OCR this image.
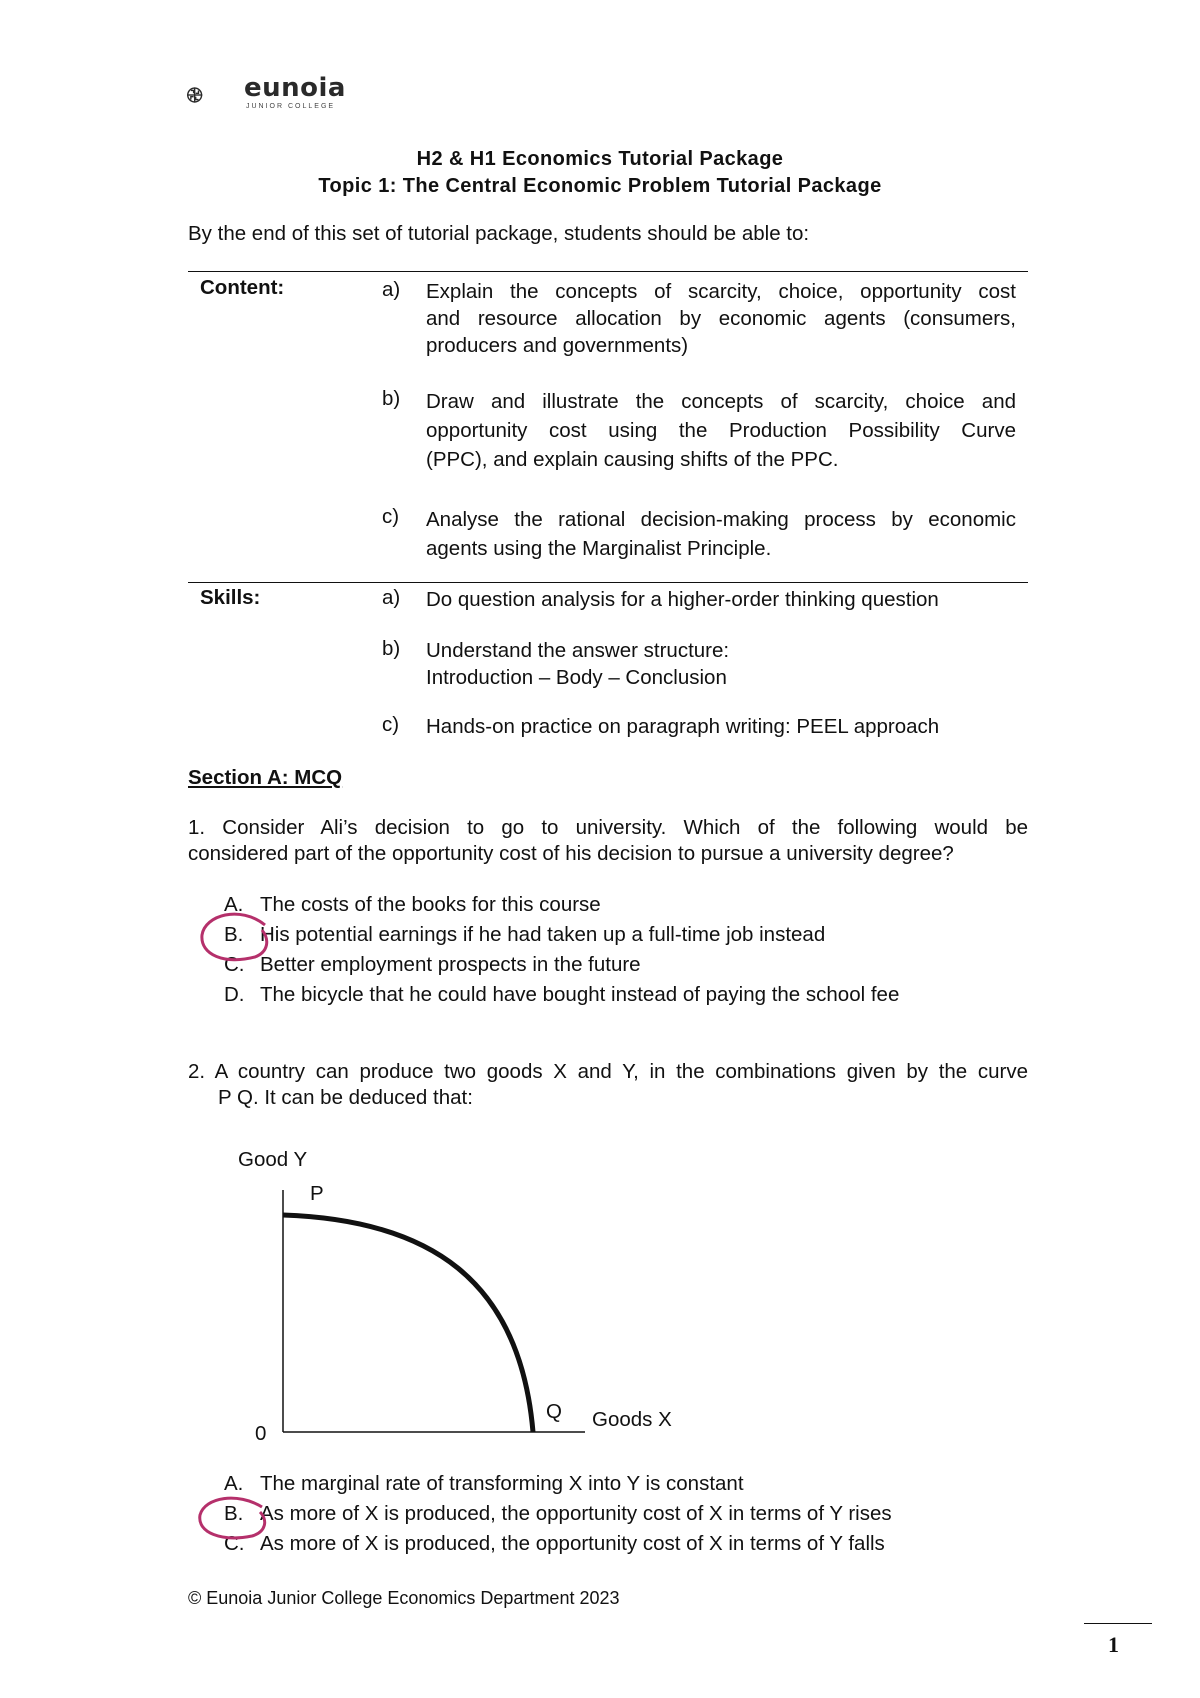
eunoia
JUNIOR COLLEGE
H2 & H1 Economics Tutorial Package
Topic 1: The Central Economic Problem Tutorial Package
By the end of this set of tutorial package, students should be able to:
Content:	a) Explain the concepts of scarcity, choice, opportunity cost
and resource allocation by economic agents (consumers,
producers and governments)
b) Draw and illustrate the concepts of scarcity, choice and
opportunity cost using the Production Possibility Curve
(PPC), and explain causing shifts of the PPC.
c) Analyse the rational decision-making process by economic
agents using the Marginalist Principle.
Skills:	a) Do question analysis for a higher-order thinking question
b) Understand the answer structure:
Introduction – Body – Conclusion
c) Hands-on practice on paragraph writing: PEEL approach
Section A: MCQ
1. Consider Ali’s decision to go to university. Which of the following would be
considered part of the opportunity cost of his decision to pursue a university degree?
A. The costs of the books for this course
B. His potential earnings if he had taken up a full-time job instead
C. Better employment prospects in the future
D. The bicycle that he could have bought instead of paying the school fee
2. A country can produce two goods X and Y, in the combinations given by the curve
P Q. It can be deduced that:
Good Y
P
Q Goods X
0
A. The marginal rate of transforming X into Y is constant
B. As more of X is produced, the opportunity cost of X in terms of Y rises
C. As more of X is produced, the opportunity cost of X in terms of Y falls
© Eunoia Junior College Economics Department 2023
1
